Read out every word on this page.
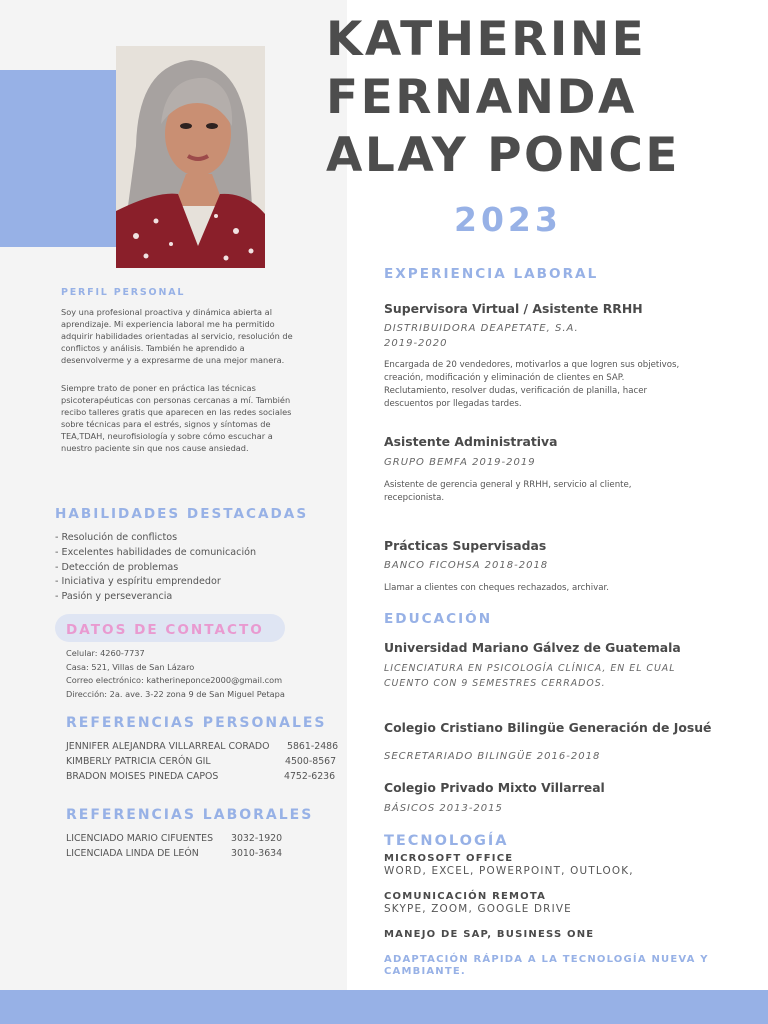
KATHERINE
FERNANDA
ALAY PONCE
2023
PERFIL PERSONAL
Soy una profesional proactiva y dinámica abierta al aprendizaje. Mi experiencia laboral me ha permitido adquirir habilidades orientadas al servicio, resolución de conflictos y análisis. También he aprendido a desenvolverme y a expresarme de una mejor manera.
Siempre trato de poner en práctica las técnicas psicoterapéuticas con personas cercanas a mí. También recibo talleres gratis que aparecen en las redes sociales sobre técnicas para el estrés, signos y síntomas de TEA,TDAH, neurofisiología y sobre cómo escuchar a nuestro paciente sin que nos cause ansiedad.
HABILIDADES DESTACADAS
- Resolución de conflictos
- Excelentes habilidades de comunicación
- Detección de problemas
- Iniciativa y espíritu emprendedor
- Pasión y perseverancia
DATOS DE CONTACTO
Celular: 4260-7737
Casa: 521, Villas de San Lázaro
Correo electrónico: katherineponce2000@gmail.com
Dirección: 2a. ave. 3-22 zona 9 de San Miguel Petapa
REFERENCIAS PERSONALES
JENNIFER ALEJANDRA VILLARREAL CORADO 5861-2486
KIMBERLY PATRICIA CERÓN GIL	4500-8567
BRADON MOISES PINEDA CAPOS	4752-6236
REFERENCIAS LABORALES
LICENCIADO MARIO CIFUENTES 3032-1920
LICENCIADA LINDA DE LEÓN	3010-3634
EXPERIENCIA LABORAL
Supervisora Virtual / Asistente RRHH
DISTRIBUIDORA DEAPETATE, S.A.
2019-2020
Encargada de 20 vendedores, motivarlos a que logren sus objetivos, creación, modificación y eliminación de clientes en SAP. Reclutamiento, resolver dudas, verificación de planilla, hacer descuentos por llegadas tardes.
Asistente Administrativa
GRUPO BEMFA 2019-2019
Asistente de gerencia general y RRHH, servicio al cliente, recepcionista.
Prácticas Supervisadas
BANCO FICOHSA 2018-2018
Llamar a clientes con cheques rechazados, archivar.
EDUCACIÓN
Universidad Mariano Gálvez de Guatemala
LICENCIATURA EN PSICOLOGÍA CLÍNICA, EN EL CUAL
CUENTO CON 9 SEMESTRES CERRADOS.
Colegio Cristiano Bilingüe Generación de Josué
SECRETARIADO BILINGÜE 2016-2018
Colegio Privado Mixto Villarreal
BÁSICOS 2013-2015
TECNOLOGÍA
MICROSOFT OFFICE
WORD, EXCEL, POWERPOINT, OUTLOOK,
COMUNICACIÓN REMOTA
SKYPE, ZOOM, GOOGLE DRIVE
MANEJO DE SAP, BUSINESS ONE
ADAPTACIÓN RÁPIDA A LA TECNOLOGÍA NUEVA Y
CAMBIANTE.
